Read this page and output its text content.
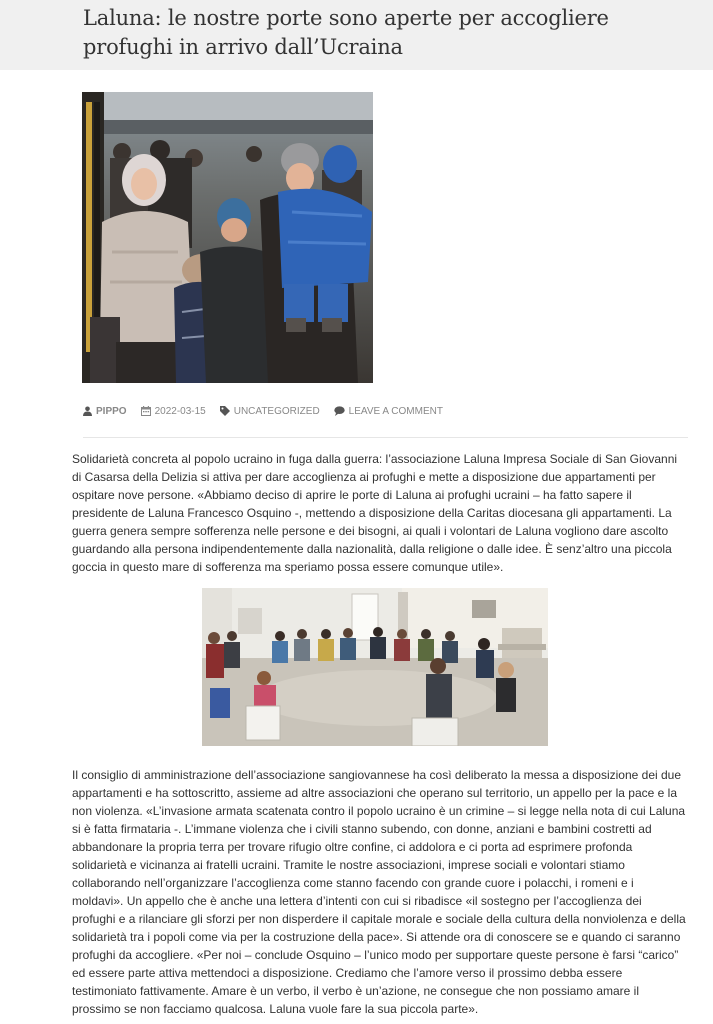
Laluna: le nostre porte sono aperte per accogliere profughi in arrivo dall’Ucraina
PIPPO	2022-03-15	UNCATEGORIZED	LEAVE A COMMENT

Solidarietà concreta al popolo ucraino in fuga dalla guerra: l’associazione Laluna Impresa Sociale di San Giovanni di Casarsa della Delizia si attiva per dare accoglienza ai profughi e mette a disposizione due appartamenti per ospitare nove persone. «Abbiamo deciso di aprire le porte di Laluna ai profughi ucraini – ha fatto sapere il presidente de Laluna Francesco Osquino -, mettendo a disposizione della Caritas diocesana gli appartamenti. La guerra genera sempre sofferenza nelle persone e dei bisogni, ai quali i volontari de Laluna vogliono dare ascolto guardando alla persona indipendentemente dalla nazionalità, dalla religione o dalle idee. È senz’altro una piccola goccia in questo mare di sofferenza ma speriamo possa essere comunque utile».

Il consiglio di amministrazione dell’associazione sangiovannese ha così deliberato la messa a disposizione dei due appartamenti e ha sottoscritto, assieme ad altre associazioni che operano sul territorio, un appello per la pace e la non violenza. «L’invasione armata scatenata contro il popolo ucraino è un crimine – si legge nella nota di cui Laluna si è fatta firmataria -. L’immane violenza che i civili stanno subendo, con donne, anziani e bambini costretti ad abbandonare la propria terra per trovare rifugio oltre confine, ci addolora e ci porta ad esprimere profonda solidarietà e vicinanza ai fratelli ucraini. Tramite le nostre associazioni, imprese sociali e volontari stiamo collaborando nell’organizzare l’accoglienza come stanno facendo con grande cuore i polacchi, i romeni e i moldavi». Un appello che è anche una lettera d’intenti con cui si ribadisce «il sostegno per l’accoglienza dei profughi e a rilanciare gli sforzi per non disperdere il capitale morale e sociale della cultura della nonviolenza e della solidarietà tra i popoli come via per la costruzione della pace». Si attende ora di conoscere se e quando ci saranno profughi da accogliere. «Per noi – conclude Osquino – l’unico modo per supportare queste persone è farsi “carico” ed essere parte attiva mettendoci a disposizione. Crediamo che l’amore verso il prossimo debba essere testimoniato fattivamente. Amare è un verbo, il verbo è un’azione, ne consegue che non possiamo amare il prossimo se non facciamo qualcosa. Laluna vuole fare la sua piccola parte».
